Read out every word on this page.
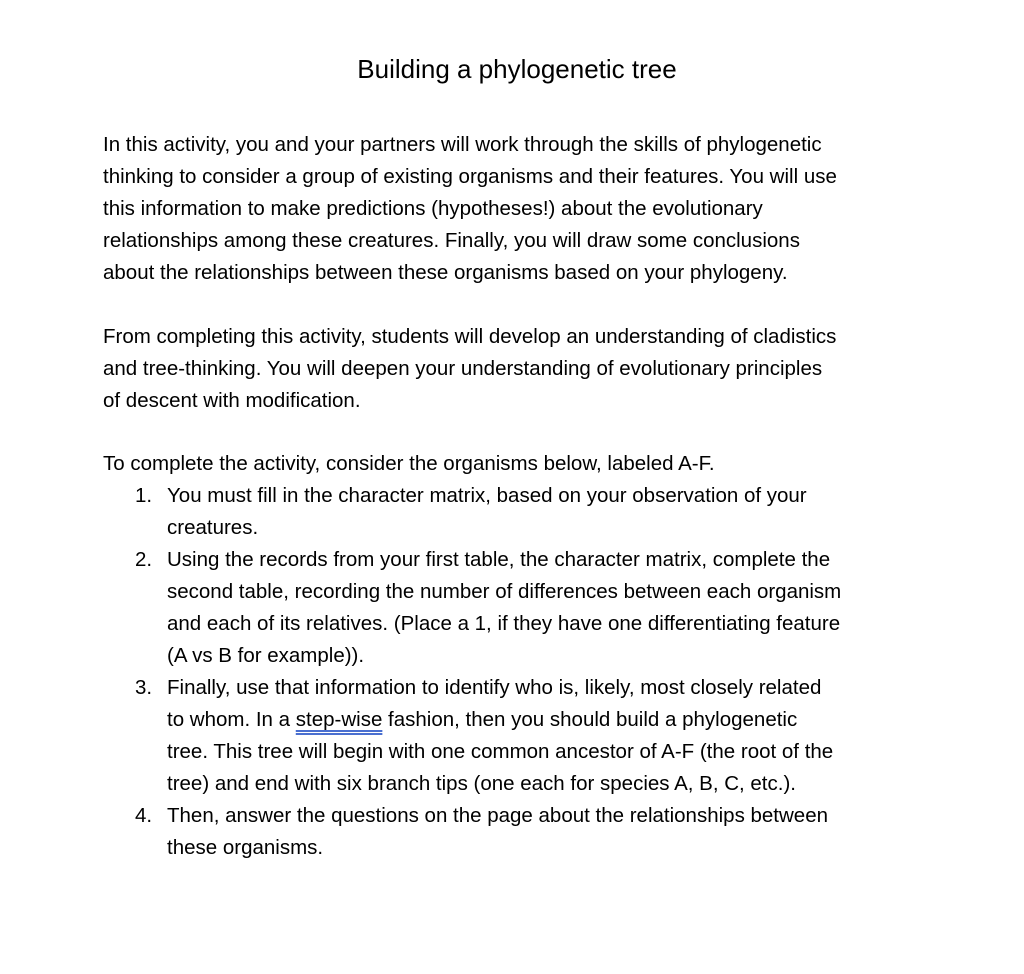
Building a phylogenetic tree

In this activity, you and your partners will work through the skills of phylogenetic
thinking to consider a group of existing organisms and their features. You will use
this information to make predictions (hypotheses!) about the evolutionary
relationships among these creatures. Finally, you will draw some conclusions
about the relationships between these organisms based on your phylogeny.

From completing this activity, students will develop an understanding of cladistics
and tree-thinking. You will deepen your understanding of evolutionary principles
of descent with modification.

To complete the activity, consider the organisms below, labeled A-F.

1. You must fill in the character matrix, based on your observation of your
creatures.
2. Using the records from your first table, the character matrix, complete the
second table, recording the number of differences between each organism
and each of its relatives. (Place a 1, if they have one differentiating feature
(A vs B for example)).
3. Finally, use that information to identify who is, likely, most closely related
to whom. In a step-wise fashion, then you should build a phylogenetic
tree. This tree will begin with one common ancestor of A-F (the root of the
tree) and end with six branch tips (one each for species A, B, C, etc.).
4. Then, answer the questions on the page about the relationships between
these organisms.
